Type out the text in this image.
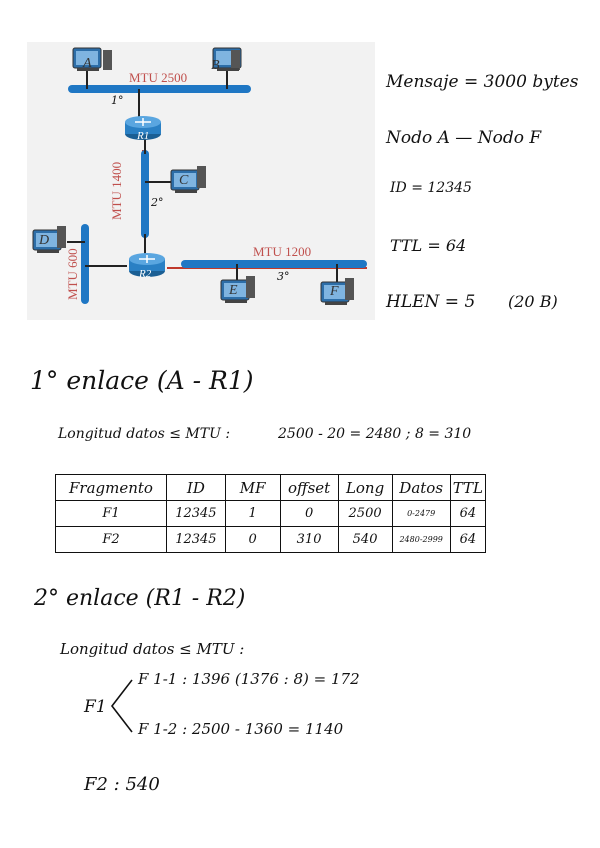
A	B
C
D
E	F
R1
R2
MTU 2500
MTU 1400
MTU 600	MTU 1200
1°
2°
3°
Mensaje = 3000 bytes
Nodo A — Nodo F
ID = 12345
TTL = 64
HLEN = 5 (20 B)
1° enlace (A - R1)
Longitud datos ≤ MTU :	2500 - 20 = 2480 ; 8 = 310
Fragmento	ID	MF	offset	Long	Datos	TTL
F1	12345	1	0	2500	0-2479	64
F2	12345	0	310	540	2480-2999	64
2° enlace (R1 - R2)
Longitud datos ≤ MTU :
F1
F 1-1 : 1396 (1376 : 8) = 172
F 1-2 : 2500 - 1360 = 1140
F2 : 540
